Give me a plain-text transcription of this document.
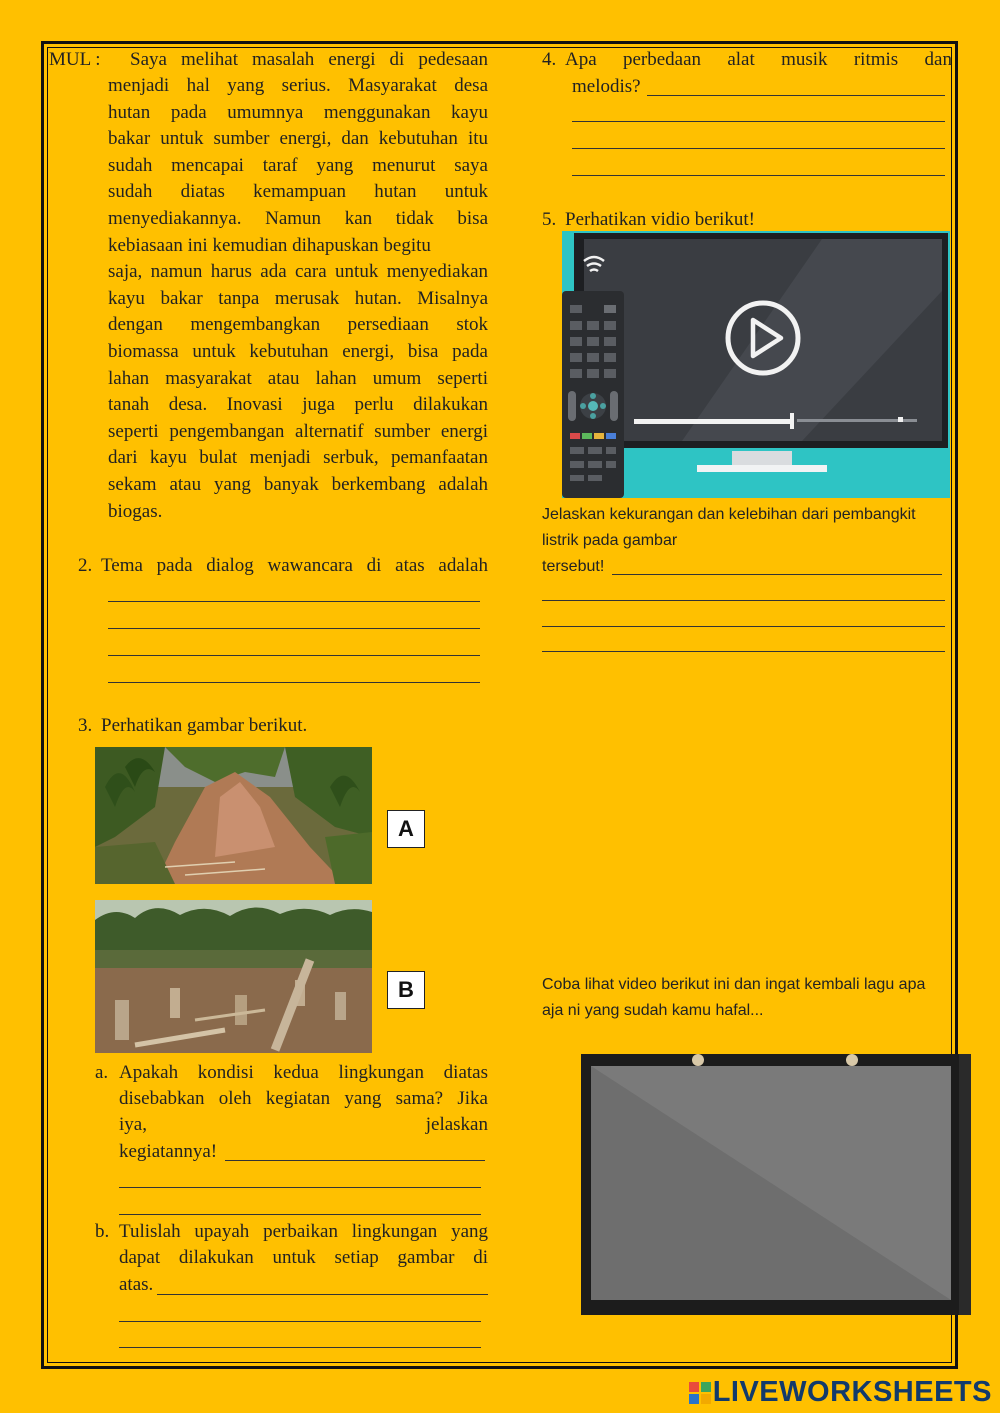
MUL : Saya melihat masalah energi di pedesaan
menjadi hal yang serius. Masyarakat desa
hutan pada umumnya menggunakan kayu
bakar untuk sumber energi, dan kebutuhan itu
sudah mencapai taraf yang menurut saya
sudah diatas kemampuan hutan untuk
menyediakannya. Namun kan tidak bisa
kebiasaan ini kemudian dihapuskan begitu
saja, namun harus ada cara untuk menyediakan
kayu bakar tanpa merusak hutan. Misalnya
dengan mengembangkan persediaan stok
biomassa untuk kebutuhan energi, bisa pada
lahan masyarakat atau lahan umum seperti
tanah desa. Inovasi juga perlu dilakukan
seperti pengembangan alternatif sumber energi
dari kayu bulat menjadi serbuk, pemanfaatan
sekam atau yang banyak berkembang adalah
biogas.
2. Tema pada dialog wawancara di atas adalah
3. Perhatikan gambar berikut.
A
B
a. Apakah kondisi kedua lingkungan diatas
disebabkan oleh kegiatan yang sama? Jika
iya,	jelaskan
kegiatannya!
b. Tulislah upayah perbaikan lingkungan yang
dapat dilakukan untuk setiap gambar di
atas.
4. Apa perbedaan alat musik ritmis dan
melodis?
5. Perhatikan vidio berikut!
Jelaskan kekurangan dan kelebihan dari pembangkit
listrik pada gambar
tersebut!
Coba lihat video berikut ini dan ingat kembali lagu apa
aja ni yang sudah kamu hafal...
LIVEWORKSHEETS
